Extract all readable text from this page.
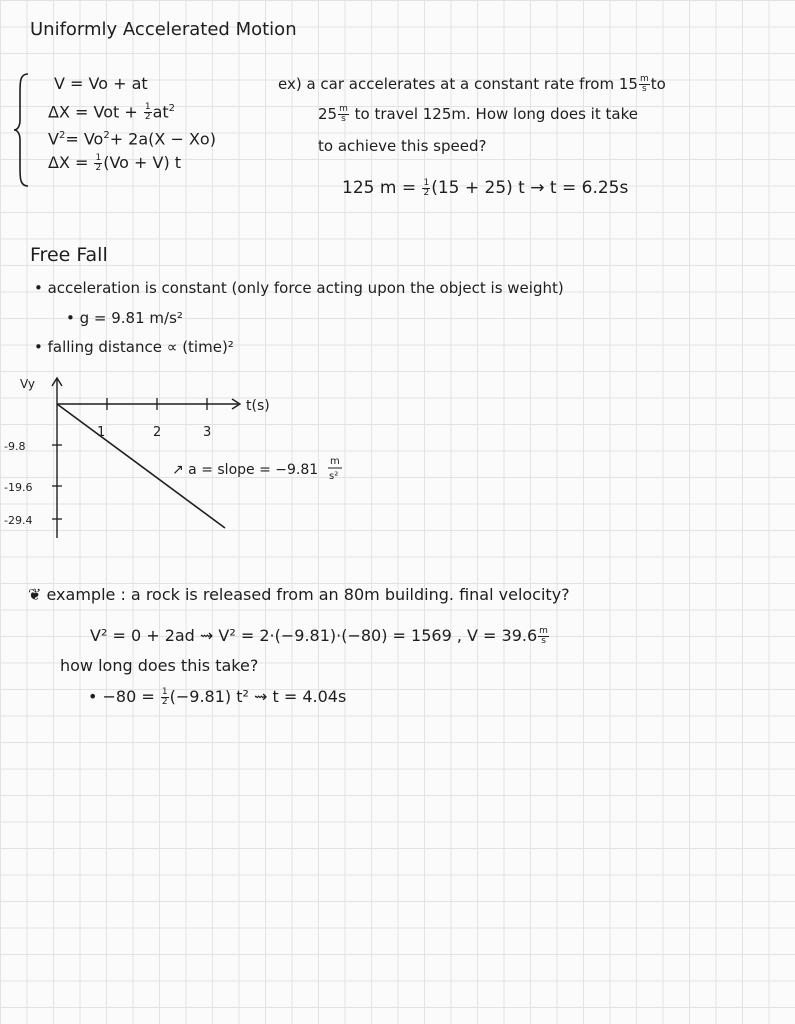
Uniformly Accelerated Motion
V = Vo + at
ΔX = Vot + $\frac{1}{2} at^2$
$V^2= Vo^2+ 2a(X - Xo)$
$\Delta X = \frac{1}{2} (Vo + V)$ t
ex) a car accelerates at a constant rate from $15 \frac{m}{s}$ to
$25 \frac{m}{s}$ to travel 125m. How long does it take
to achieve this speed?
125 $m = \frac{1}{2} (15 + 25) t \to t = 6.25s$
Free Fall
• acceleration is constant (only force acting upon the object is weight)
• g = 9.81 m/s²
• falling distance ∝ (time)²
Vy
t(s)
1	2	3
-9.8
-19.6
-29.4
↗ a = slope = −9.81
m
s²
❦ example : a rock is released from an 80m building. final velocity?
V² = 0 + 2ad ⇝ V² = 2·(−9.81)·(−80) = 1569 , $V = 39.6 \frac{m}{s}$
how long does this take?
• $-80 = \frac{1}{2} (-9.81)$ t² ⇝ t = 4.04s
